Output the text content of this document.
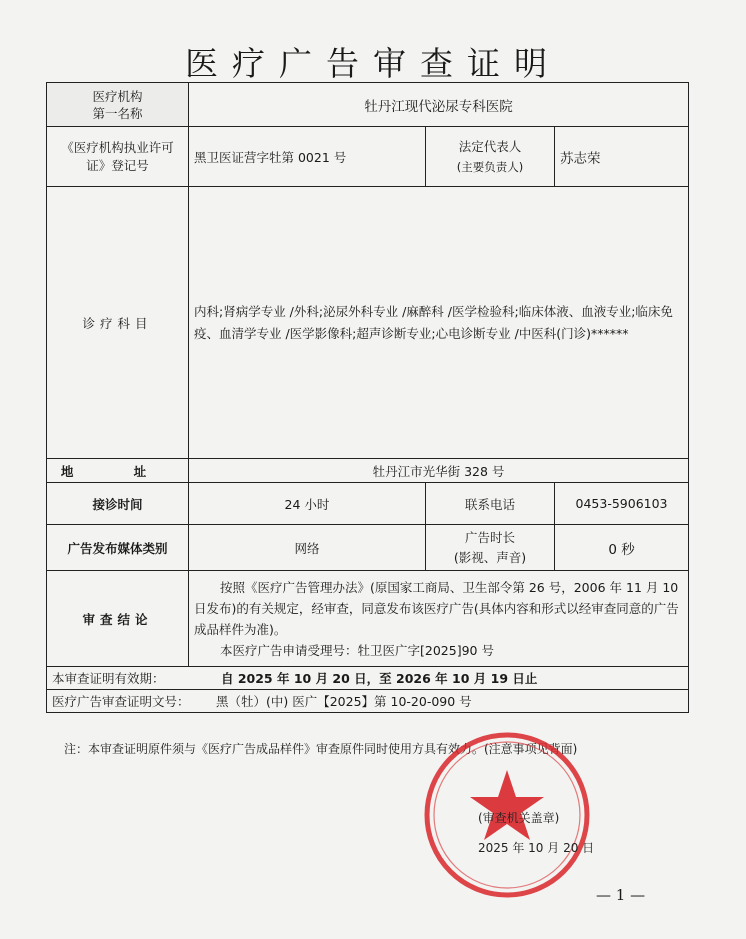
医疗广告审查证明
医疗机构
第一名称	牡丹江现代泌尿专科医院		
《医疗机构执业许可证》登记号	黑卫医证营字牡第 0021 号	法定代表人
(主要负责人)	苏志荣
诊疗科目	内科;肾病学专业 /外科;泌尿外科专业 /麻醉科 /医学检验科;临床体液、血液专业;临床免疫、血清学专业 /医学影像科;超声诊断专业;心电诊断专业 /中医科(门诊)******		
地 址	牡丹江市光华街 328 号		
接诊时间	24 小时	联系电话	0453-5906103
广告发布媒体类别	网络	广告时长
(影视、声音)	0 秒
审查结论	按照《医疗广告管理办法》(原国家工商局、卫生部令第 26 号，2006 年 11 月 10 日发布)的有关规定，经审查，同意发布该医疗广告(具体内容和形式以经审查同意的广告成品样件为准)。

本医疗广告申请受理号：牡卫医广字[2025]90 号		

本审查证明有效期： 自 2025 年 10 月 20 日，至 2026 年 10 月 19 日止			
医疗广告审查证明文号： 黑（牡）(中) 医广【2025】第 10-20-090 号			
注：本审查证明原件须与《医疗广告成品样件》审查原件同时使用方具有效力。(注意事项见背面)
(审查机关盖章)
2025 年 10 月 20 日
— 1 —
